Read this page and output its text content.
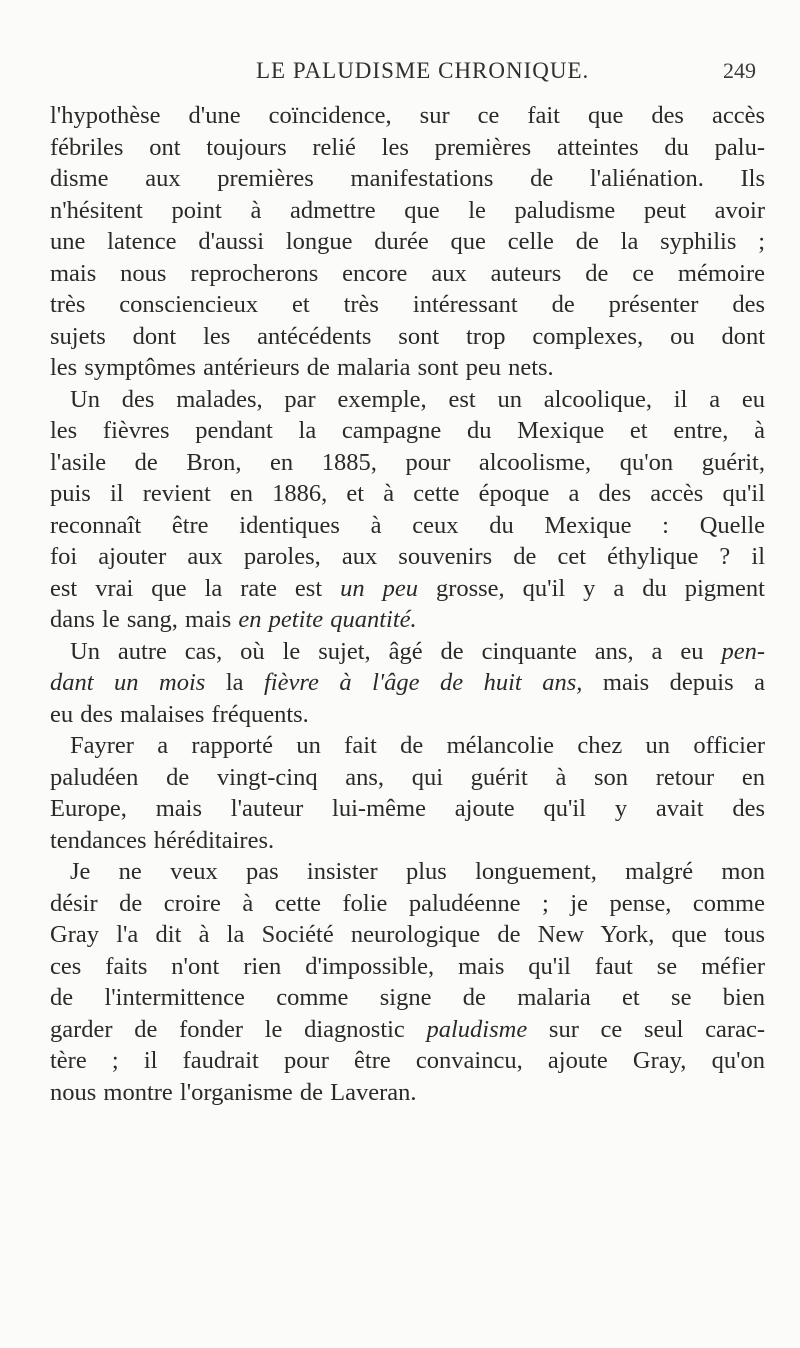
LE PALUDISME CHRONIQUE.	249
l'hypothèse d'une coïncidence, sur ce fait que des accès
fébriles ont toujours relié les premières atteintes du palu-
disme aux premières manifestations de l'aliénation. Ils
n'hésitent point à admettre que le paludisme peut avoir
une latence d'aussi longue durée que celle de la syphilis ;
mais nous reprocherons encore aux auteurs de ce mémoire
très consciencieux et très intéressant de présenter des
sujets dont les antécédents sont trop complexes, ou dont
les symptômes antérieurs de malaria sont peu nets.
Un des malades, par exemple, est un alcoolique, il a eu
les fièvres pendant la campagne du Mexique et entre, à
l'asile de Bron, en 1885, pour alcoolisme, qu'on guérit,
puis il revient en 1886, et à cette époque a des accès qu'il
reconnaît être identiques à ceux du Mexique : Quelle
foi ajouter aux paroles, aux souvenirs de cet éthylique ? il
est vrai que la rate est un peu grosse, qu'il y a du pigment
dans le sang, mais en petite quantité.
Un autre cas, où le sujet, âgé de cinquante ans, a eu pen-
dant un mois la fièvre à l'âge de huit ans, mais depuis a
eu des malaises fréquents.
Fayrer a rapporté un fait de mélancolie chez un officier
paludéen de vingt-cinq ans, qui guérit à son retour en
Europe, mais l'auteur lui-même ajoute qu'il y avait des
tendances héréditaires.
Je ne veux pas insister plus longuement, malgré mon
désir de croire à cette folie paludéenne ; je pense, comme
Gray l'a dit à la Société neurologique de New York, que tous
ces faits n'ont rien d'impossible, mais qu'il faut se méfier
de l'intermittence comme signe de malaria et se bien
garder de fonder le diagnostic paludisme sur ce seul carac-
tère ; il faudrait pour être convaincu, ajoute Gray, qu'on
nous montre l'organisme de Laveran.
